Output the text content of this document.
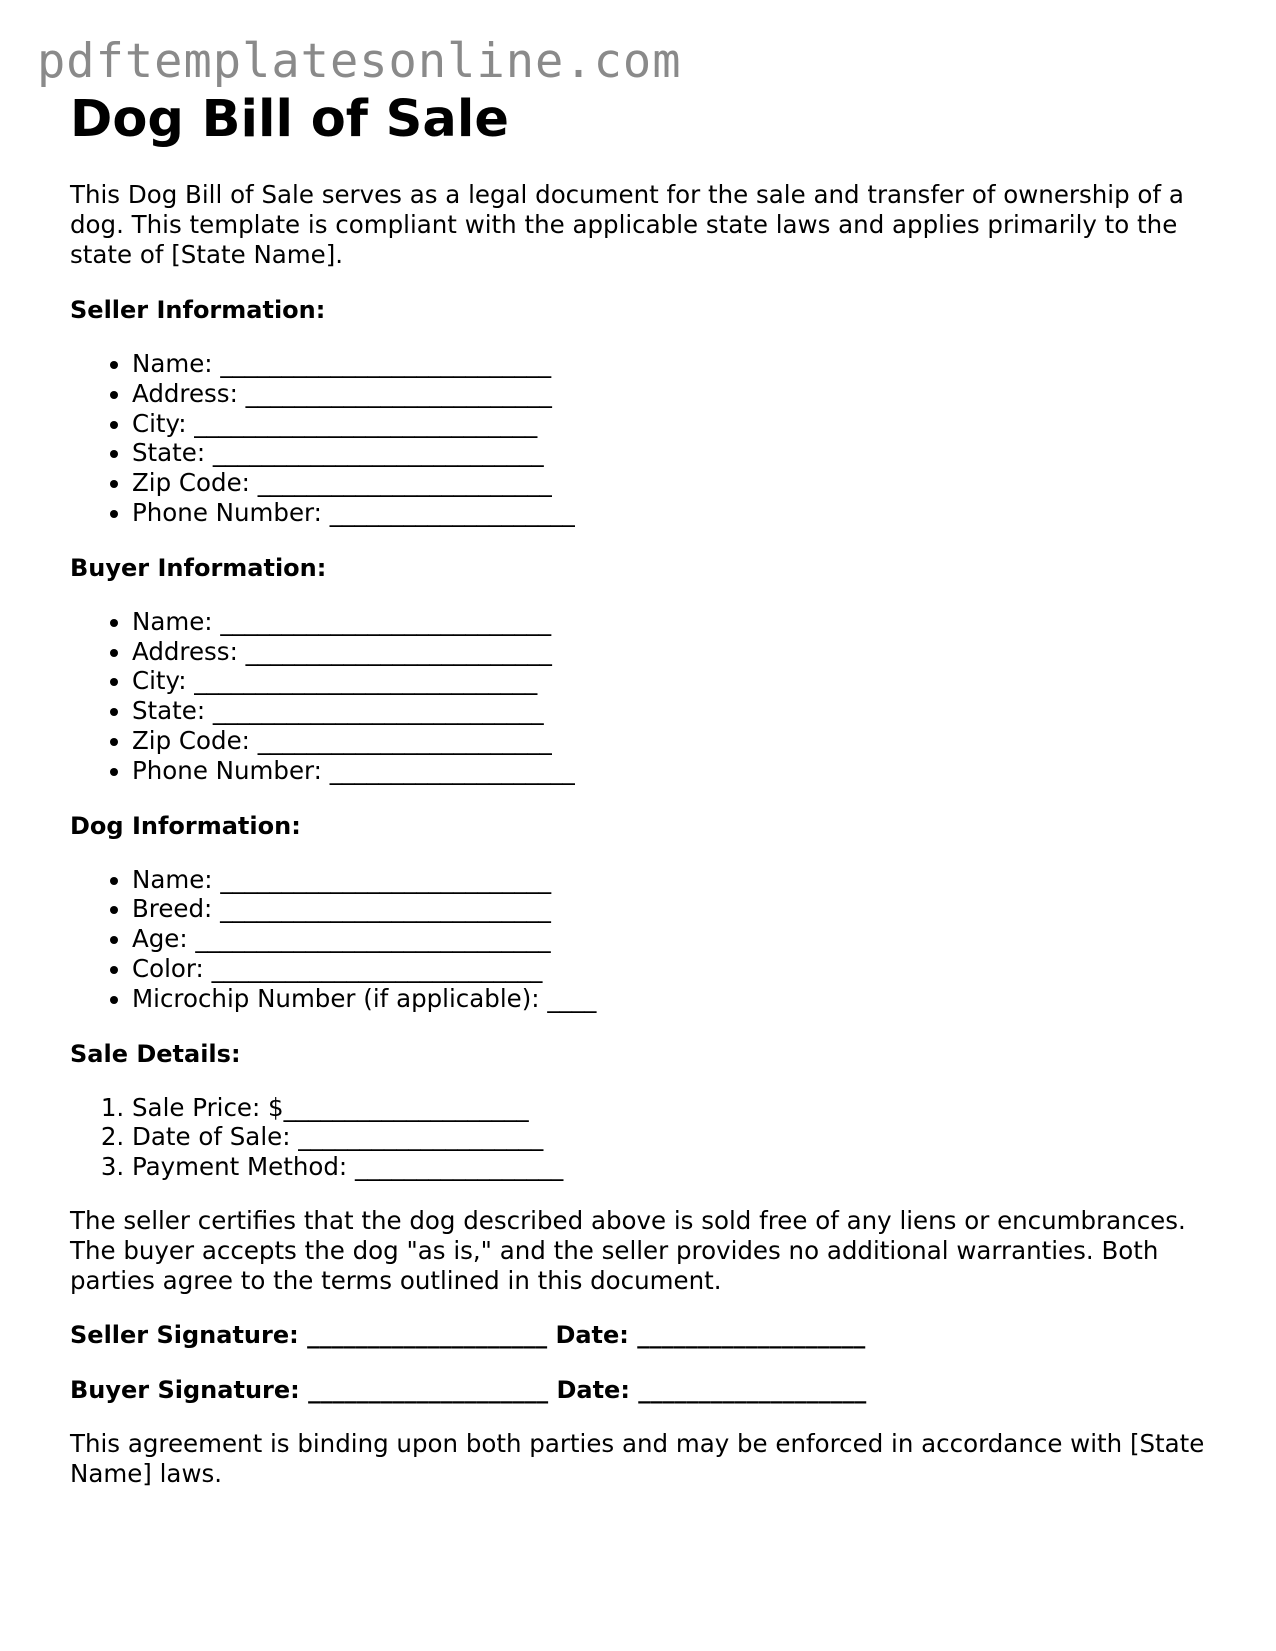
pdftemplatesonline.com
Dog Bill of Sale

This Dog Bill of Sale serves as a legal document for the sale and transfer of ownership of a dog. This template is compliant with the applicable state laws and applies primarily to the state of [State Name].

Seller Information:
• Name: ___________________________
• Address: _________________________
• City: ____________________________
• State: ___________________________
• Zip Code: ________________________
• Phone Number: ____________________
Buyer Information:
• Name: ___________________________
• Address: _________________________
• City: ____________________________
• State: ___________________________
• Zip Code: ________________________
• Phone Number: ____________________
Dog Information:
• Name: ___________________________
• Breed: ___________________________
• Age: _____________________________
• Color: ___________________________
• Microchip Number (if applicable): ____
Sale Details:
1. Sale Price: $____________________
2. Date of Sale: ____________________
3. Payment Method: _________________

The seller certifies that the dog described above is sold free of any liens or encumbrances. The buyer accepts the dog "as is," and the seller provides no additional warranties. Both parties agree to the terms outlined in this document.

Seller Signature: ____________________ Date: ___________________
Buyer Signature: ____________________ Date: ___________________

This agreement is binding upon both parties and may be enforced in accordance with [State Name] laws.
